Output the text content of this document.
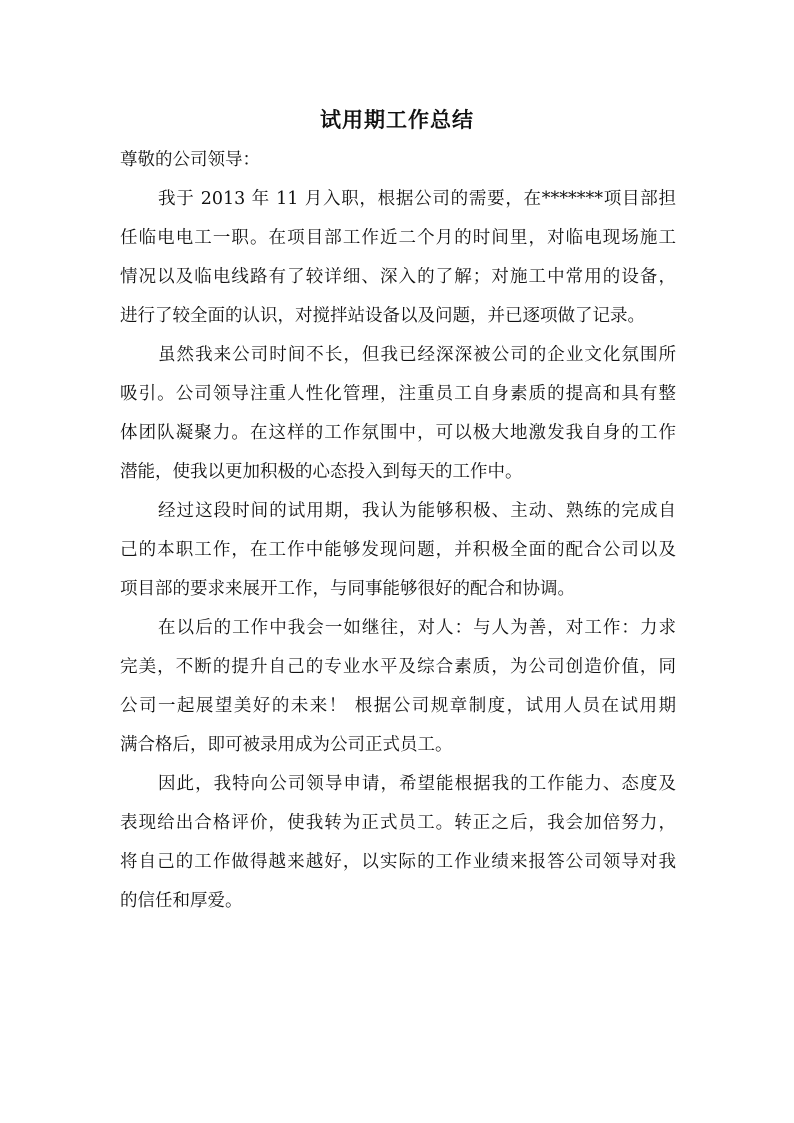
试用期工作总结
尊敬的公司领导：
我于 2013 年 11 月入职，根据公司的需要，在*******项目部担
任临电电工一职。在项目部工作近二个月的时间里，对临电现场施工
情况以及临电线路有了较详细、深入的了解；对施工中常用的设备，
进行了较全面的认识，对搅拌站设备以及问题，并已逐项做了记录。
虽然我来公司时间不长，但我已经深深被公司的企业文化氛围所
吸引。公司领导注重人性化管理，注重员工自身素质的提高和具有整
体团队凝聚力。在这样的工作氛围中，可以极大地激发我自身的工作
潜能，使我以更加积极的心态投入到每天的工作中。
经过这段时间的试用期，我认为能够积极、主动、熟练的完成自
己的本职工作，在工作中能够发现问题，并积极全面的配合公司以及
项目部的要求来展开工作，与同事能够很好的配合和协调。
在以后的工作中我会一如继往，对人：与人为善，对工作：力求
完美，不断的提升自己的专业水平及综合素质，为公司创造价值，同
公司一起展望美好的未来！ 根据公司规章制度，试用人员在试用期
满合格后，即可被录用成为公司正式员工。
因此，我特向公司领导申请，希望能根据我的工作能力、态度及
表现给出合格评价，使我转为正式员工。转正之后，我会加倍努力，
将自己的工作做得越来越好，以实际的工作业绩来报答公司领导对我
的信任和厚爱。
